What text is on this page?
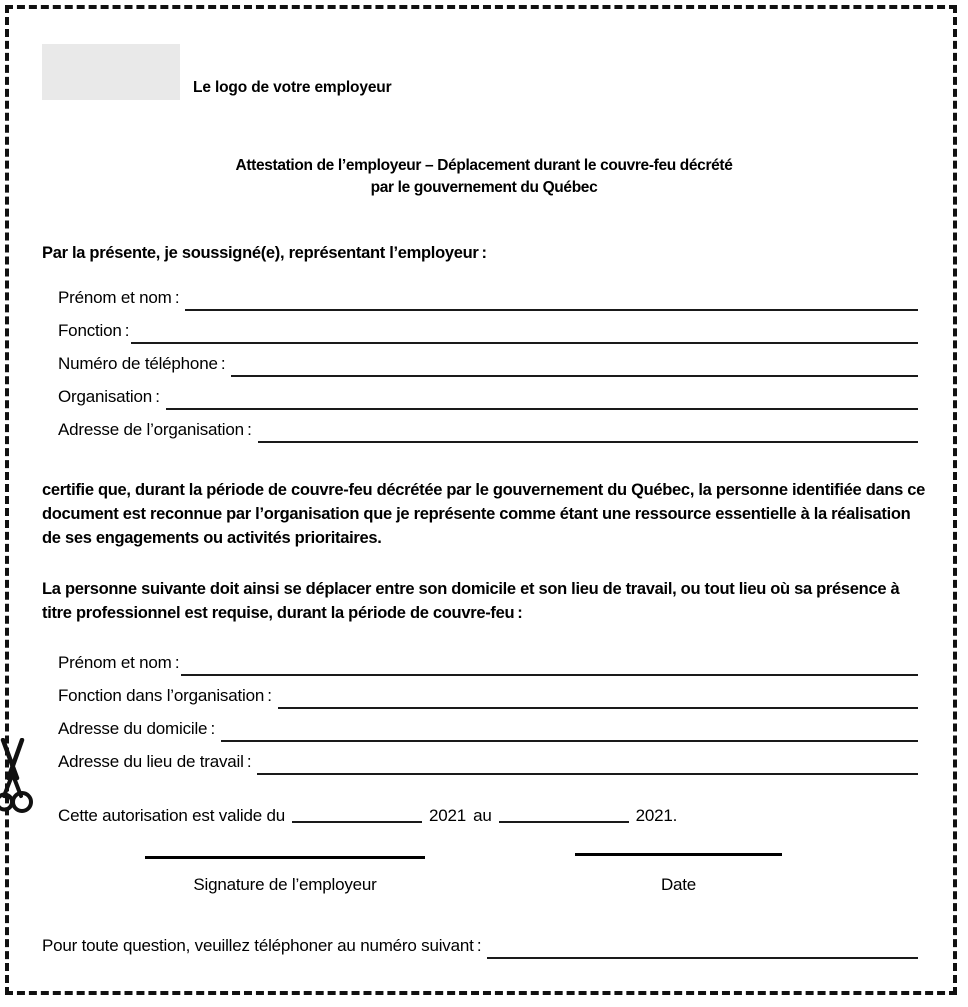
Le logo de votre employeur
Attestation de l’employeur – Déplacement durant le couvre-feu décrété
par le gouvernement du Québec
Par la présente, je soussigné(e), représentant l’employeur :
Prénom et nom :
Fonction :
Numéro de téléphone :
Organisation :
Adresse de l’organisation :
certifie que, durant la période de couvre-feu décrétée par le gouvernement du Québec, la personne identifiée dans ce document est reconnue par l’organisation que je représente comme étant une ressource essentielle à la réalisation de ses engagements ou activités prioritaires.
La personne suivante doit ainsi se déplacer entre son domicile et son lieu de travail, ou tout lieu où sa présence à titre professionnel est requise, durant la période de couvre-feu :
Prénom et nom :
Fonction dans l’organisation :
Adresse du domicile :
Adresse du lieu de travail :
Cette autorisation est valide du	2021 au	2021.
Signature de l’employeur	Date
Pour toute question, veuillez téléphoner au numéro suivant :
